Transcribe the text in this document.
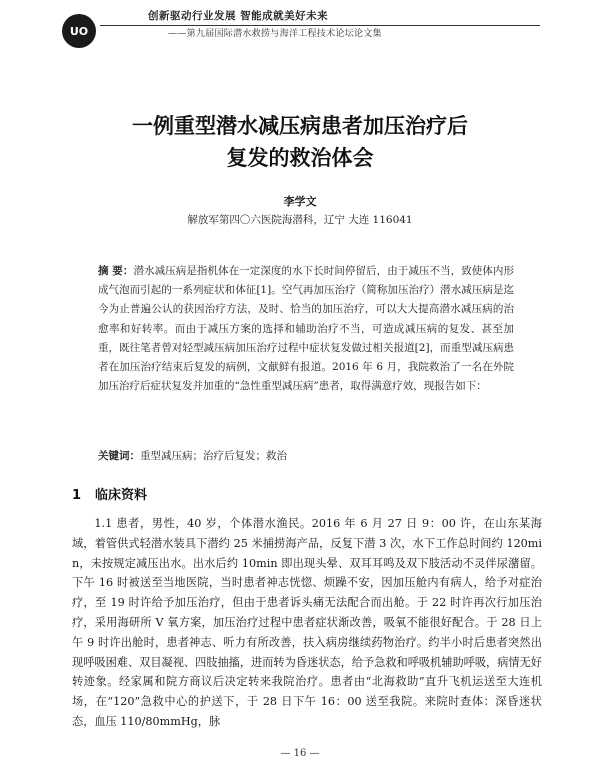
UO
创新驱动行业发展 智能成就美好未来
——第九届国际潜水救捞与海洋工程技术论坛论文集
一例重型潜水减压病患者加压治疗后
复发的救治体会
李学文
解放军第四〇六医院海潜科，辽宁 大连 116041
摘 要：潜水减压病是指机体在一定深度的水下长时间停留后，由于减压不当，致使体内形成气泡而引起的一系列症状和体征[1]。空气再加压治疗（简称加压治疗）潜水减压病是迄今为止普遍公认的获因治疗方法，及时、恰当的加压治疗，可以大大提高潜水减压病的治愈率和好转率。而由于减压方案的选择和辅助治疗不当，可造成减压病的复发、甚至加重，既往笔者曾对轻型减压病加压治疗过程中症状复发做过相关报道[2]，而重型减压病患者在加压治疗结束后复发的病例，文献鲜有报道。2016 年 6 月，我院救治了一名在外院加压治疗后症状复发并加重的“急性重型减压病”患者，取得满意疗效，现报告如下：
关键词：重型减压病；治疗后复发；救治
1 临床资料
1.1 患者，男性，40 岁，个体潜水渔民。2016 年 6 月 27 日 9：00 许，在山东某海域，着管供式轻潜水装具下潜约 25 米捕捞海产品，反复下潜 3 次，水下工作总时间约 120min，未按规定减压出水。出水后约 10min 即出现头晕、双耳耳鸣及双下肢活动不灵伴尿潴留。下午 16 时被送至当地医院，当时患者神志恍惚、烦躁不安，因加压舱内有病人，给予对症治疗，至 19 时许给予加压治疗，但由于患者诉头痛无法配合而出舱。于 22 时许再次行加压治疗，采用海研所 V 氧方案，加压治疗过程中患者症状渐改善，吸氧不能很好配合。于 28 日上午 9 时许出舱时，患者神志、听力有所改善，扶入病房继续药物治疗。约半小时后患者突然出现呼吸困难、双目凝视、四肢抽搐，进而转为昏迷状态，给予急救和呼吸机辅助呼吸，病情无好转迹象。经家属和院方商议后决定转来我院治疗。患者由“北海救助”直升飞机运送至大连机场，在“120”急救中心的护送下，于 28 日下午 16：00 送至我院。来院时查体：深昏迷状态，血压 110/80mmHg，脉
— 16 —
